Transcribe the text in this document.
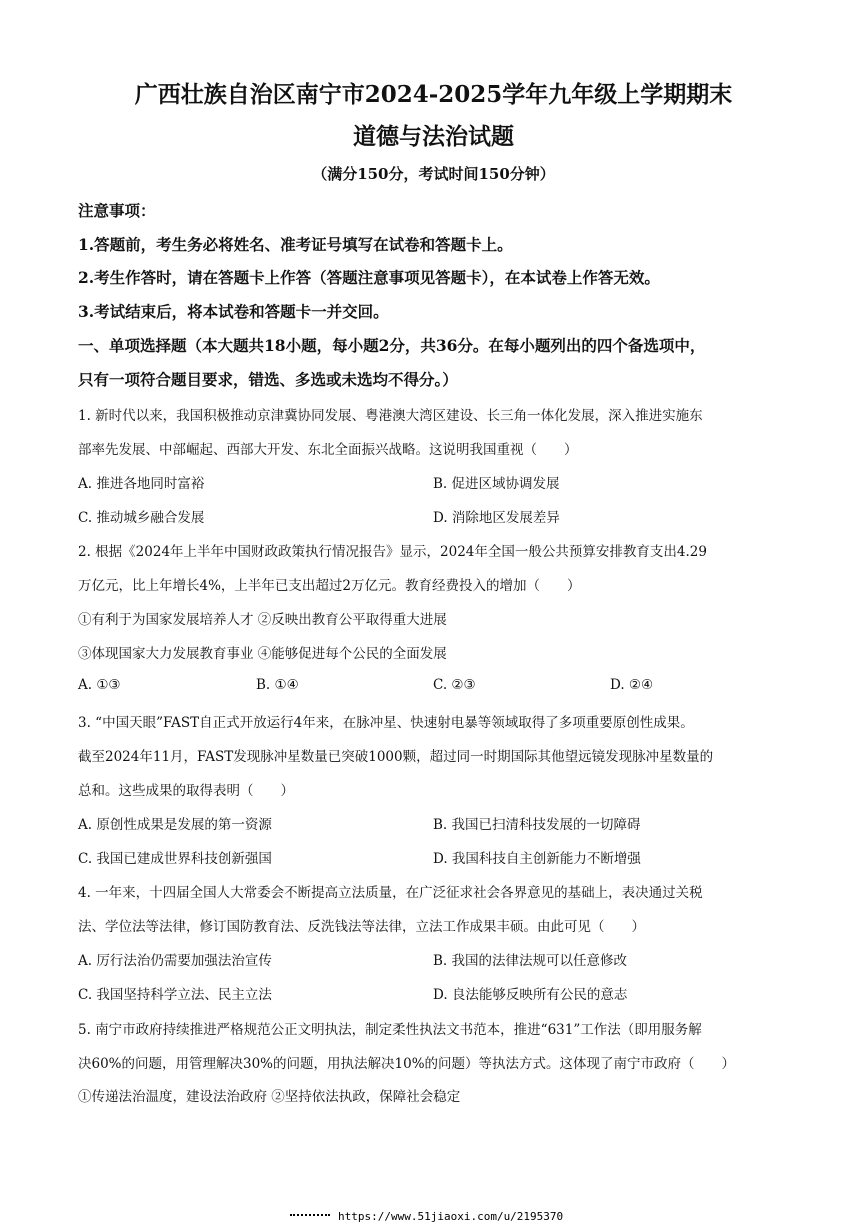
广西壮族自治区南宁市2024-2025学年九年级上学期期末
道德与法治试题
（满分150分，考试时间150分钟）
注意事项：
1.答题前，考生务必将姓名、准考证号填写在试卷和答题卡上。
2.考生作答时，请在答题卡上作答（答题注意事项见答题卡），在本试卷上作答无效。
3.考试结束后，将本试卷和答题卡一并交回。
一、单项选择题（本大题共18小题，每小题2分，共36分。在每小题列出的四个备选项中，
只有一项符合题目要求，错选、多选或未选均不得分。）
1. 新时代以来，我国积极推动京津冀协同发展、粤港澳大湾区建设、长三角一体化发展，深入推进实施东
部率先发展、中部崛起、西部大开发、东北全面振兴战略。这说明我国重视（　　）
A. 推进各地同时富裕	B. 促进区域协调发展
C. 推动城乡融合发展	D. 消除地区发展差异
2. 根据《2024年上半年中国财政政策执行情况报告》显示，2024年全国一般公共预算安排教育支出4.29
万亿元，比上年增长4%，上半年已支出超过2万亿元。教育经费投入的增加（　　）
①有利于为国家发展培养人才 ②反映出教育公平取得重大进展
③体现国家大力发展教育事业 ④能够促进每个公民的全面发展
A. ①③	B. ①④	C. ②③	D. ②④
3. “中国天眼”FAST自正式开放运行4年来，在脉冲星、快速射电暴等领域取得了多项重要原创性成果。
截至2024年11月，FAST发现脉冲星数量已突破1000颗，超过同一时期国际其他望远镜发现脉冲星数量的
总和。这些成果的取得表明（　　）
A. 原创性成果是发展的第一资源	B. 我国已扫清科技发展的一切障碍
C. 我国已建成世界科技创新强国	D. 我国科技自主创新能力不断增强
4. 一年来，十四届全国人大常委会不断提高立法质量，在广泛征求社会各界意见的基础上，表决通过关税
法、学位法等法律，修订国防教育法、反洗钱法等法律，立法工作成果丰硕。由此可见（　　）
A. 厉行法治仍需要加强法治宣传	B. 我国的法律法规可以任意修改
C. 我国坚持科学立法、民主立法	D. 良法能够反映所有公民的意志
5. 南宁市政府持续推进严格规范公正文明执法，制定柔性执法文书范本，推进“631”工作法（即用服务解
决60%的问题，用管理解决30%的问题，用执法解决10%的问题）等执法方式。这体现了南宁市政府（　　）
①传递法治温度，建设法治政府 ②坚持依法执政，保障社会稳定
https://www.51jiaoxi.com/u/2195370
